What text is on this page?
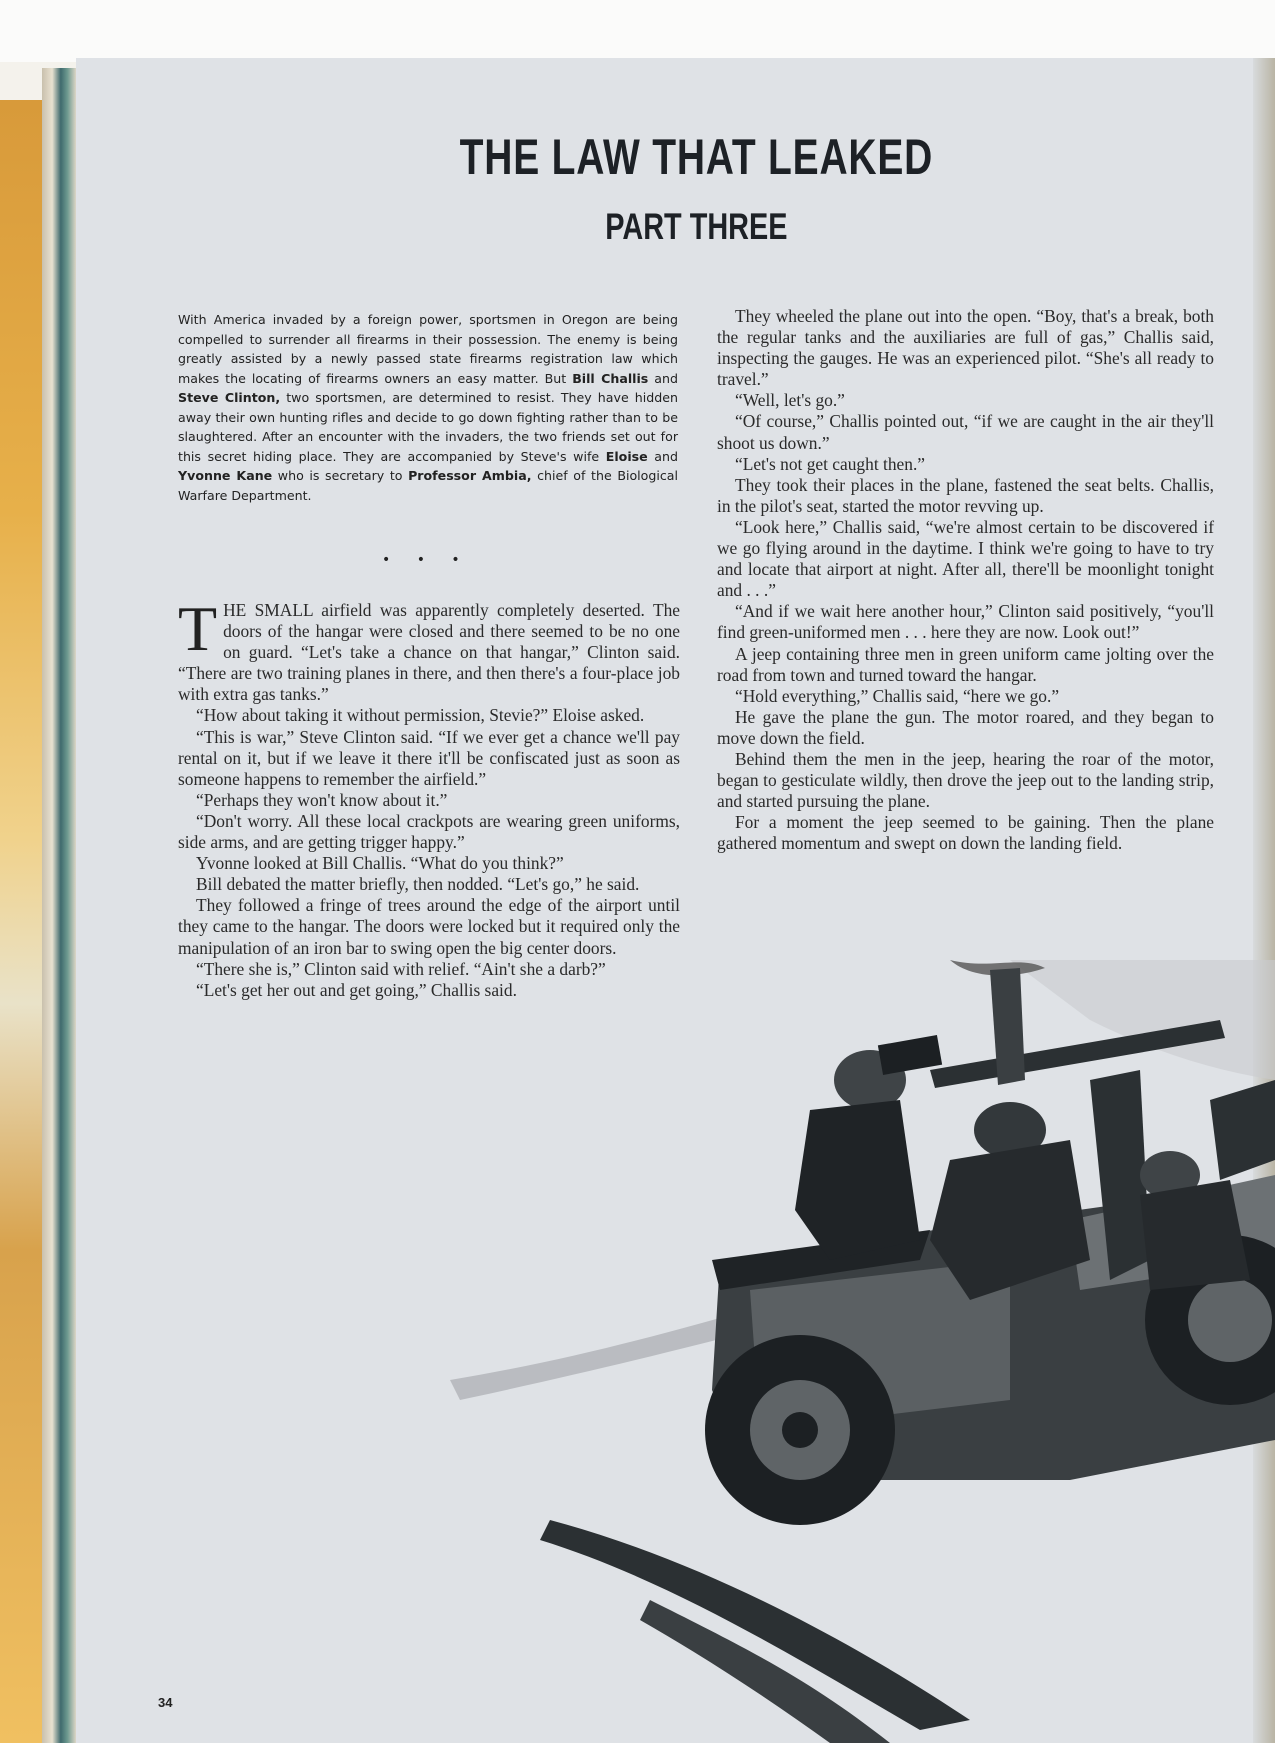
THE LAW THAT LEAKED
PART THREE
With America invaded by a foreign power, sportsmen in Oregon are being compelled to surrender all firearms in their possession. The enemy is being greatly assisted by a newly passed state firearms registration law which makes the locating of firearms owners an easy matter. But Bill Challis and Steve Clinton, two sportsmen, are determined to resist. They have hidden away their own hunting rifles and decide to go down fighting rather than to be slaughtered. After an encounter with the invaders, the two friends set out for this secret hiding place. They are accompanied by Steve's wife Eloise and Yvonne Kane who is secretary to Professor Ambia, chief of the Biological Warfare Department.
• • •

THE SMALL airfield was apparently completely deserted. The doors of the hangar were closed and there seemed to be no one on guard. “Let's take a chance on that hangar,” Clinton said. “There are two training planes in there, and then there's a four-place job with extra gas tanks.”

“How about taking it without permission, Stevie?” Eloise asked.

“This is war,” Steve Clinton said. “If we ever get a chance we'll pay rental on it, but if we leave it there it'll be confiscated just as soon as someone happens to remember the airfield.”

“Perhaps they won't know about it.”

“Don't worry. All these local crackpots are wearing green uniforms, side arms, and are getting trigger happy.”

Yvonne looked at Bill Challis. “What do you think?”

Bill debated the matter briefly, then nodded. “Let's go,” he said.

They followed a fringe of trees around the edge of the airport until they came to the hangar. The doors were locked but it required only the manipulation of an iron bar to swing open the big center doors.

“There she is,” Clinton said with relief. “Ain't she a darb?”

“Let's get her out and get going,” Challis said.

They wheeled the plane out into the open. “Boy, that's a break, both the regular tanks and the auxiliaries are full of gas,” Challis said, inspecting the gauges. He was an experienced pilot. “She's all ready to travel.”

“Well, let's go.”

“Of course,” Challis pointed out, “if we are caught in the air they'll shoot us down.”

“Let's not get caught then.”

They took their places in the plane, fastened the seat belts. Challis, in the pilot's seat, started the motor revving up.

“Look here,” Challis said, “we're almost certain to be discovered if we go flying around in the daytime. I think we're going to have to try and locate that airport at night. After all, there'll be moonlight tonight and . . .”

“And if we wait here another hour,” Clinton said positively, “you'll find green-uniformed men . . . here they are now. Look out!”

A jeep containing three men in green uniform came jolting over the road from town and turned toward the hangar.

“Hold everything,” Challis said, “here we go.”

He gave the plane the gun. The motor roared, and they began to move down the field.

Behind them the men in the jeep, hearing the roar of the motor, began to gesticulate wildly, then drove the jeep out to the landing strip, and started pursuing the plane.

For a moment the jeep seemed to be gaining. Then the plane gathered momentum and swept on down the landing field.

34
